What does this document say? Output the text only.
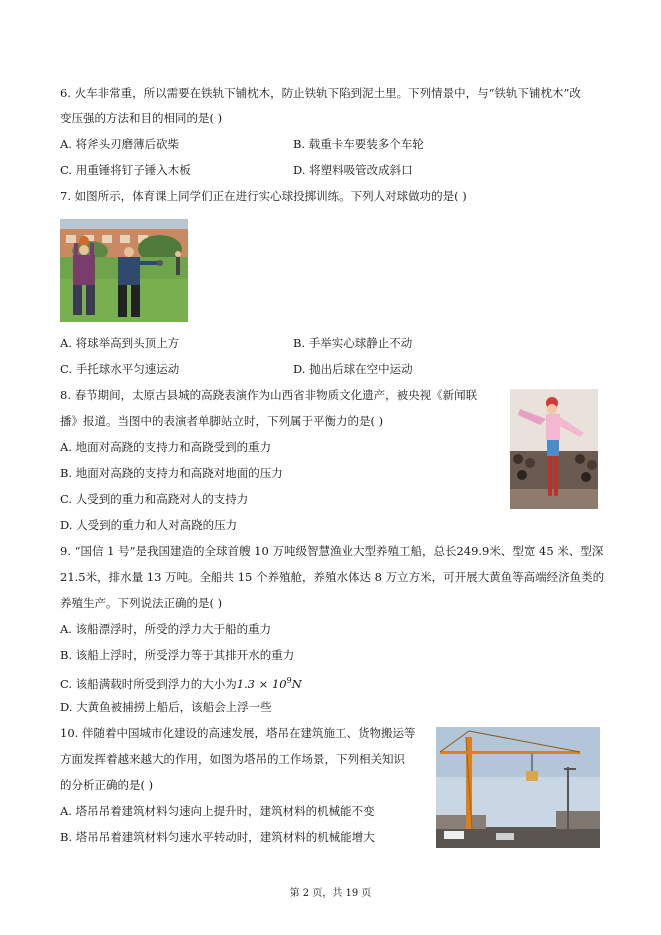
6. 火车非常重，所以需要在铁轨下铺枕木，防止铁轨下陷到泥土里。下列情景中，与“铁轨下铺枕木”改
变压强的方法和目的相同的是( )
A. 将斧头刃磨薄后砍柴	B. 载重卡车要装多个车轮
C. 用重锤将钉子锤入木板	D. 将塑料吸管改成斜口
7. 如图所示，体育课上同学们正在进行实心球投掷训练。下列人对球做功的是( )
A. 将球举高到头顶上方	B. 手举实心球静止不动
C. 手托球水平匀速运动	D. 抛出后球在空中运动
8. 春节期间，太原古县城的高跷表演作为山西省非物质文化遗产，被央视《新闻联
播》报道。当图中的表演者单脚站立时，下列属于平衡力的是( )
A. 地面对高跷的支持力和高跷受到的重力
B. 地面对高跷的支持力和高跷对地面的压力
C. 人受到的重力和高跷对人的支持力
D. 人受到的重力和人对高跷的压力
9. “国信 1 号”是我国建造的全球首艘 10 万吨级智慧渔业大型养殖工船，总长249.9米、型宽 45 米、型深
21.5米，排水量 13 万吨。全船共 15 个养殖舱，养殖水体达 8 万立方米，可开展大黄鱼等高端经济鱼类的
养殖生产。下列说法正确的是( )
A. 该船漂浮时，所受的浮力大于船的重力
B. 该船上浮时，所受浮力等于其排开水的重力
C. 该船满载时所受到浮力的大小为$1.3 \times 10^9N$
D. 大黄鱼被捕捞上船后，该船会上浮一些
10. 伴随着中国城市化建设的高速发展，塔吊在建筑施工、货物搬运等
方面发挥着越来越大的作用，如图为塔吊的工作场景，下列相关知识
的分析正确的是( )
A. 塔吊吊着建筑材料匀速向上提升时，建筑材料的机械能不变
B. 塔吊吊着建筑材料匀速水平转动时，建筑材料的机械能增大
第 2 页，共 19 页
